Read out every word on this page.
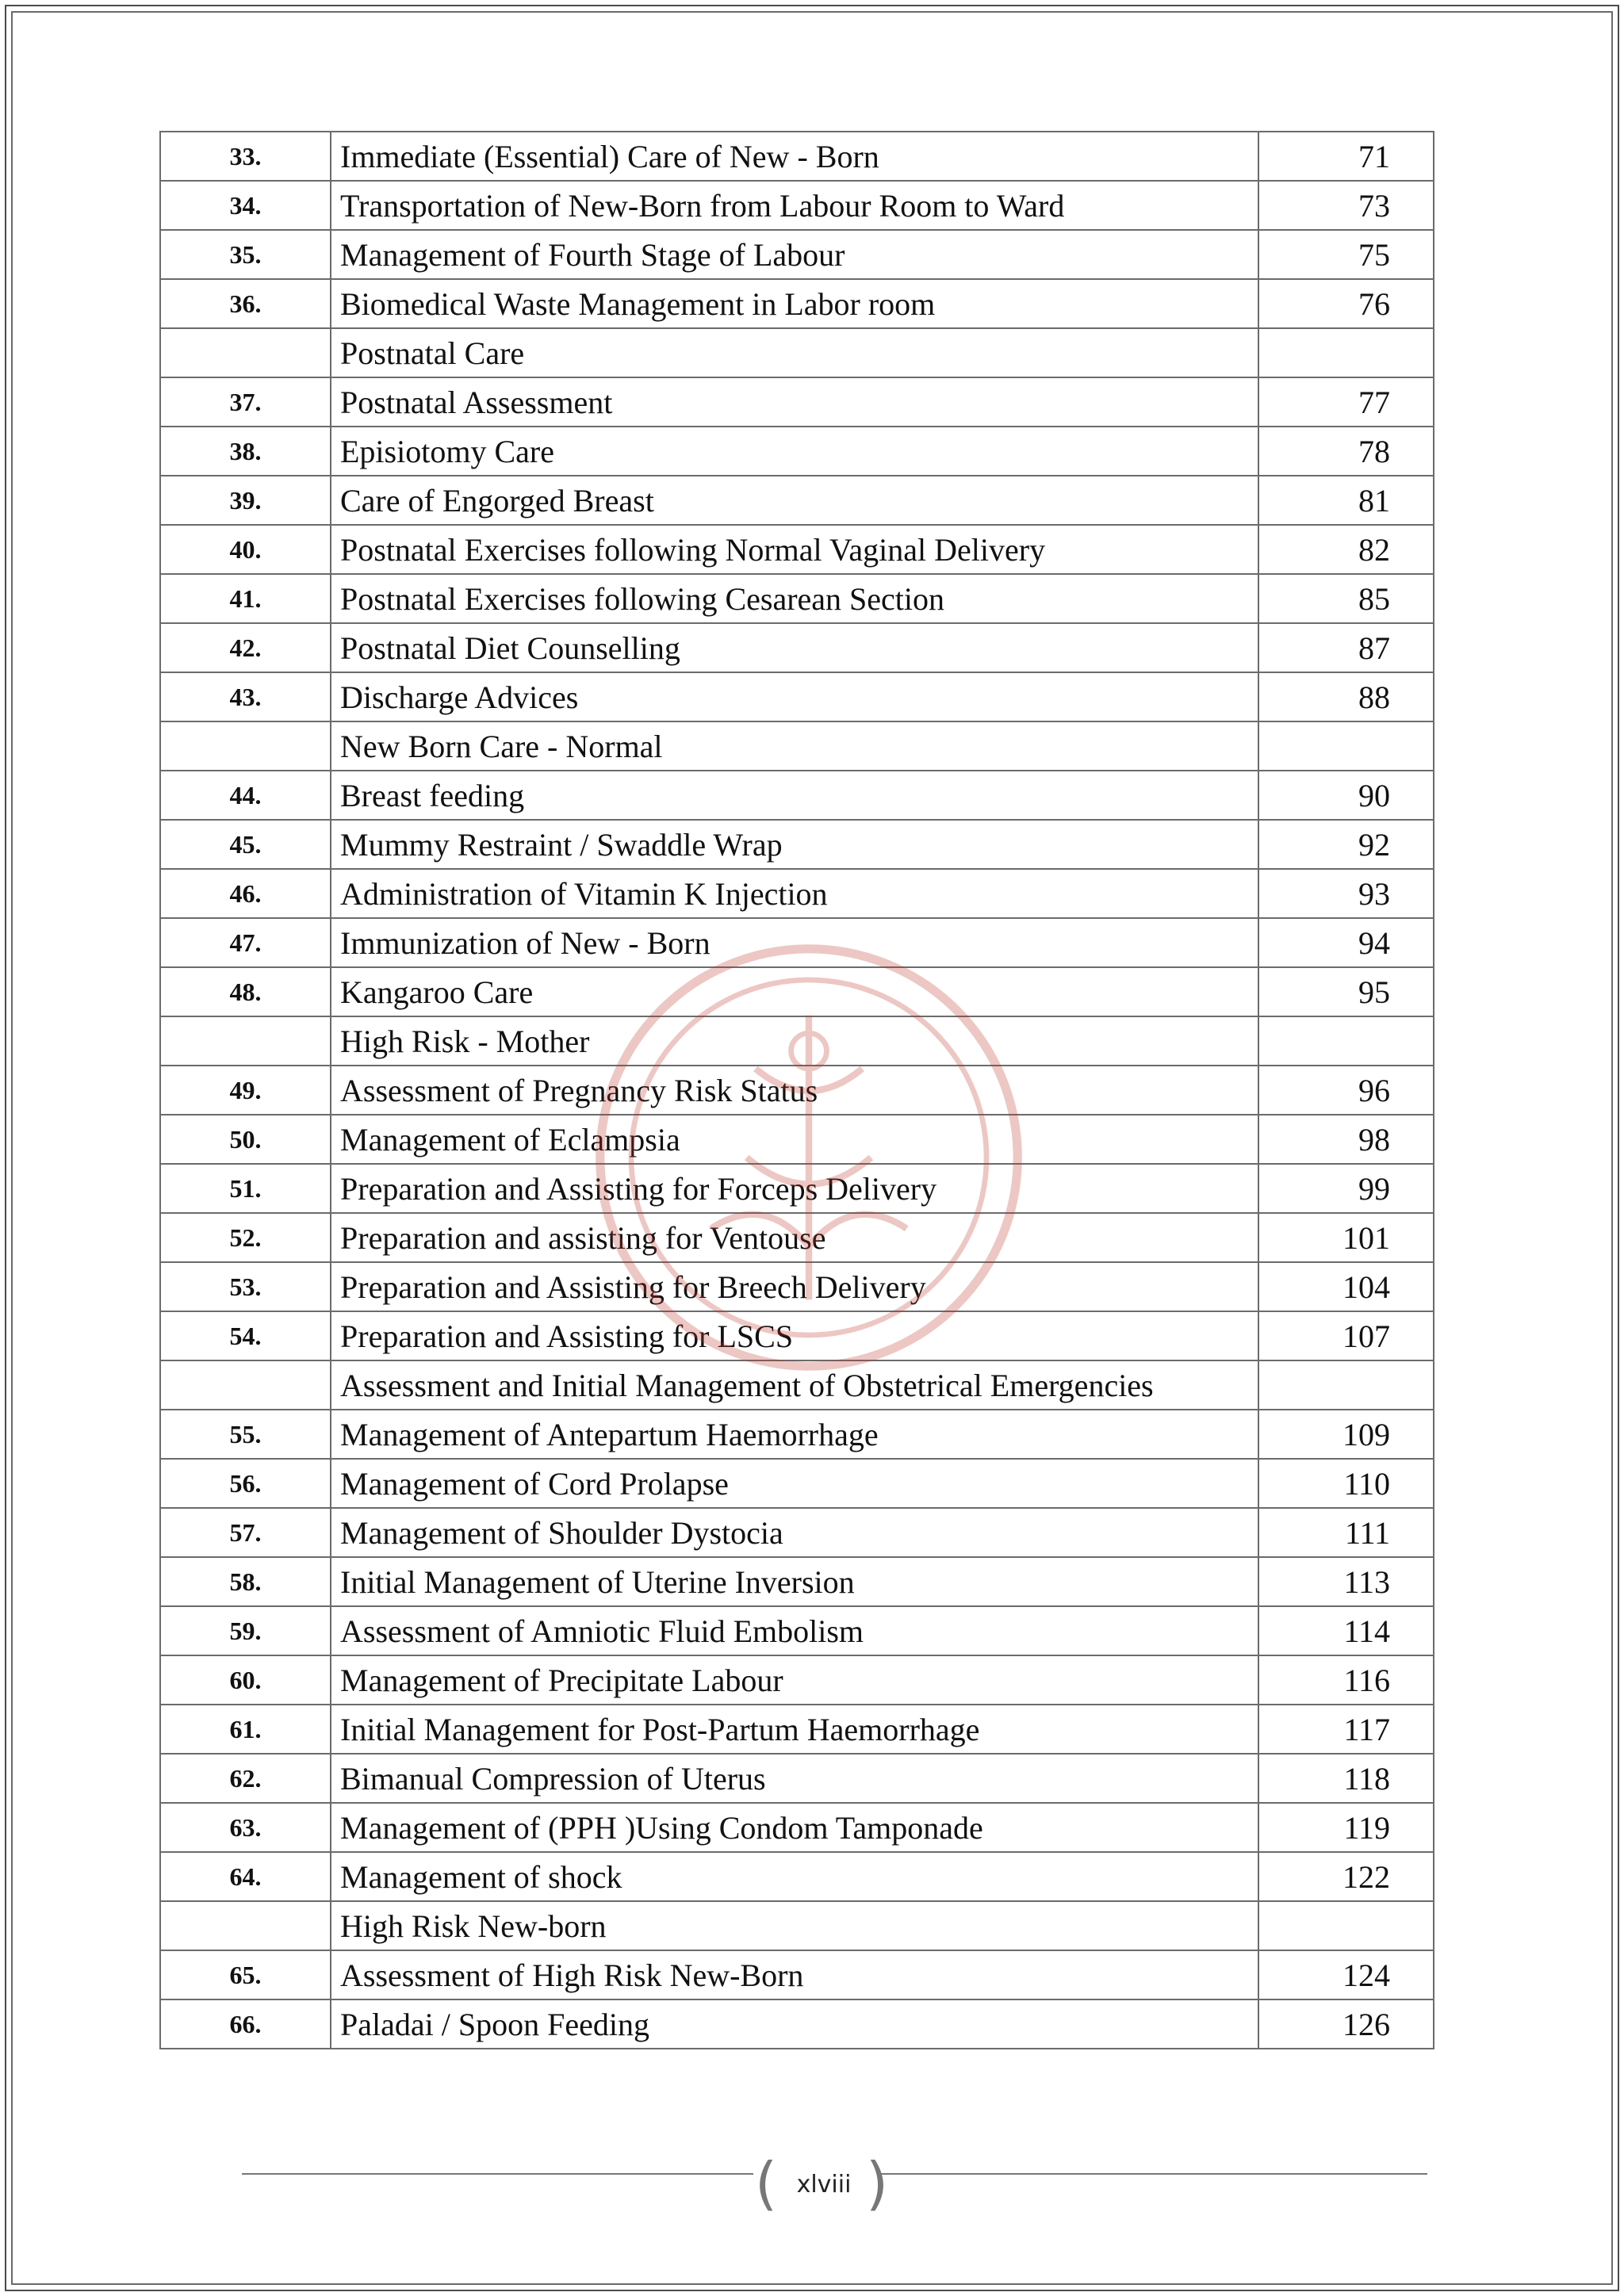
33.	Immediate (Essential) Care of New - Born	71
34.	Transportation of New-Born from Labour Room to Ward	73
35.	Management of Fourth Stage of Labour	75
36.	Biomedical Waste Management in Labor room	76
	Postnatal Care	
37.	Postnatal Assessment	77
38.	Episiotomy Care	78
39.	Care of Engorged Breast	81
40.	Postnatal Exercises following Normal Vaginal Delivery	82
41.	Postnatal Exercises following Cesarean Section	85
42.	Postnatal Diet Counselling	87
43.	Discharge Advices	88
	New Born Care - Normal	
44.	Breast feeding	90
45.	Mummy Restraint / Swaddle Wrap	92
46.	Administration of Vitamin K Injection	93
47.	Immunization of New - Born	94
48.	Kangaroo Care	95
	High Risk - Mother	
49.	Assessment of Pregnancy Risk Status	96
50.	Management of Eclampsia	98
51.	Preparation and Assisting for Forceps Delivery	99
52.	Preparation and assisting for Ventouse	101
53.	Preparation and Assisting for Breech Delivery	104
54.	Preparation and Assisting for LSCS	107
	Assessment and Initial Management of Obstetrical Emergencies	
55.	Management of Antepartum Haemorrhage	109
56.	Management of Cord Prolapse	110
57.	Management of Shoulder Dystocia	111
58.	Initial Management of Uterine Inversion	113
59.	Assessment of Amniotic Fluid Embolism	114
60.	Management of Precipitate Labour	116
61.	Initial Management for Post-Partum Haemorrhage	117
62.	Bimanual Compression of Uterus	118
63.	Management of (PPH )Using Condom Tamponade	119
64.	Management of shock	122
	High Risk New-born	
65.	Assessment of High Risk New-Born	124
66.	Paladai / Spoon Feeding	126
( )
xlviii
